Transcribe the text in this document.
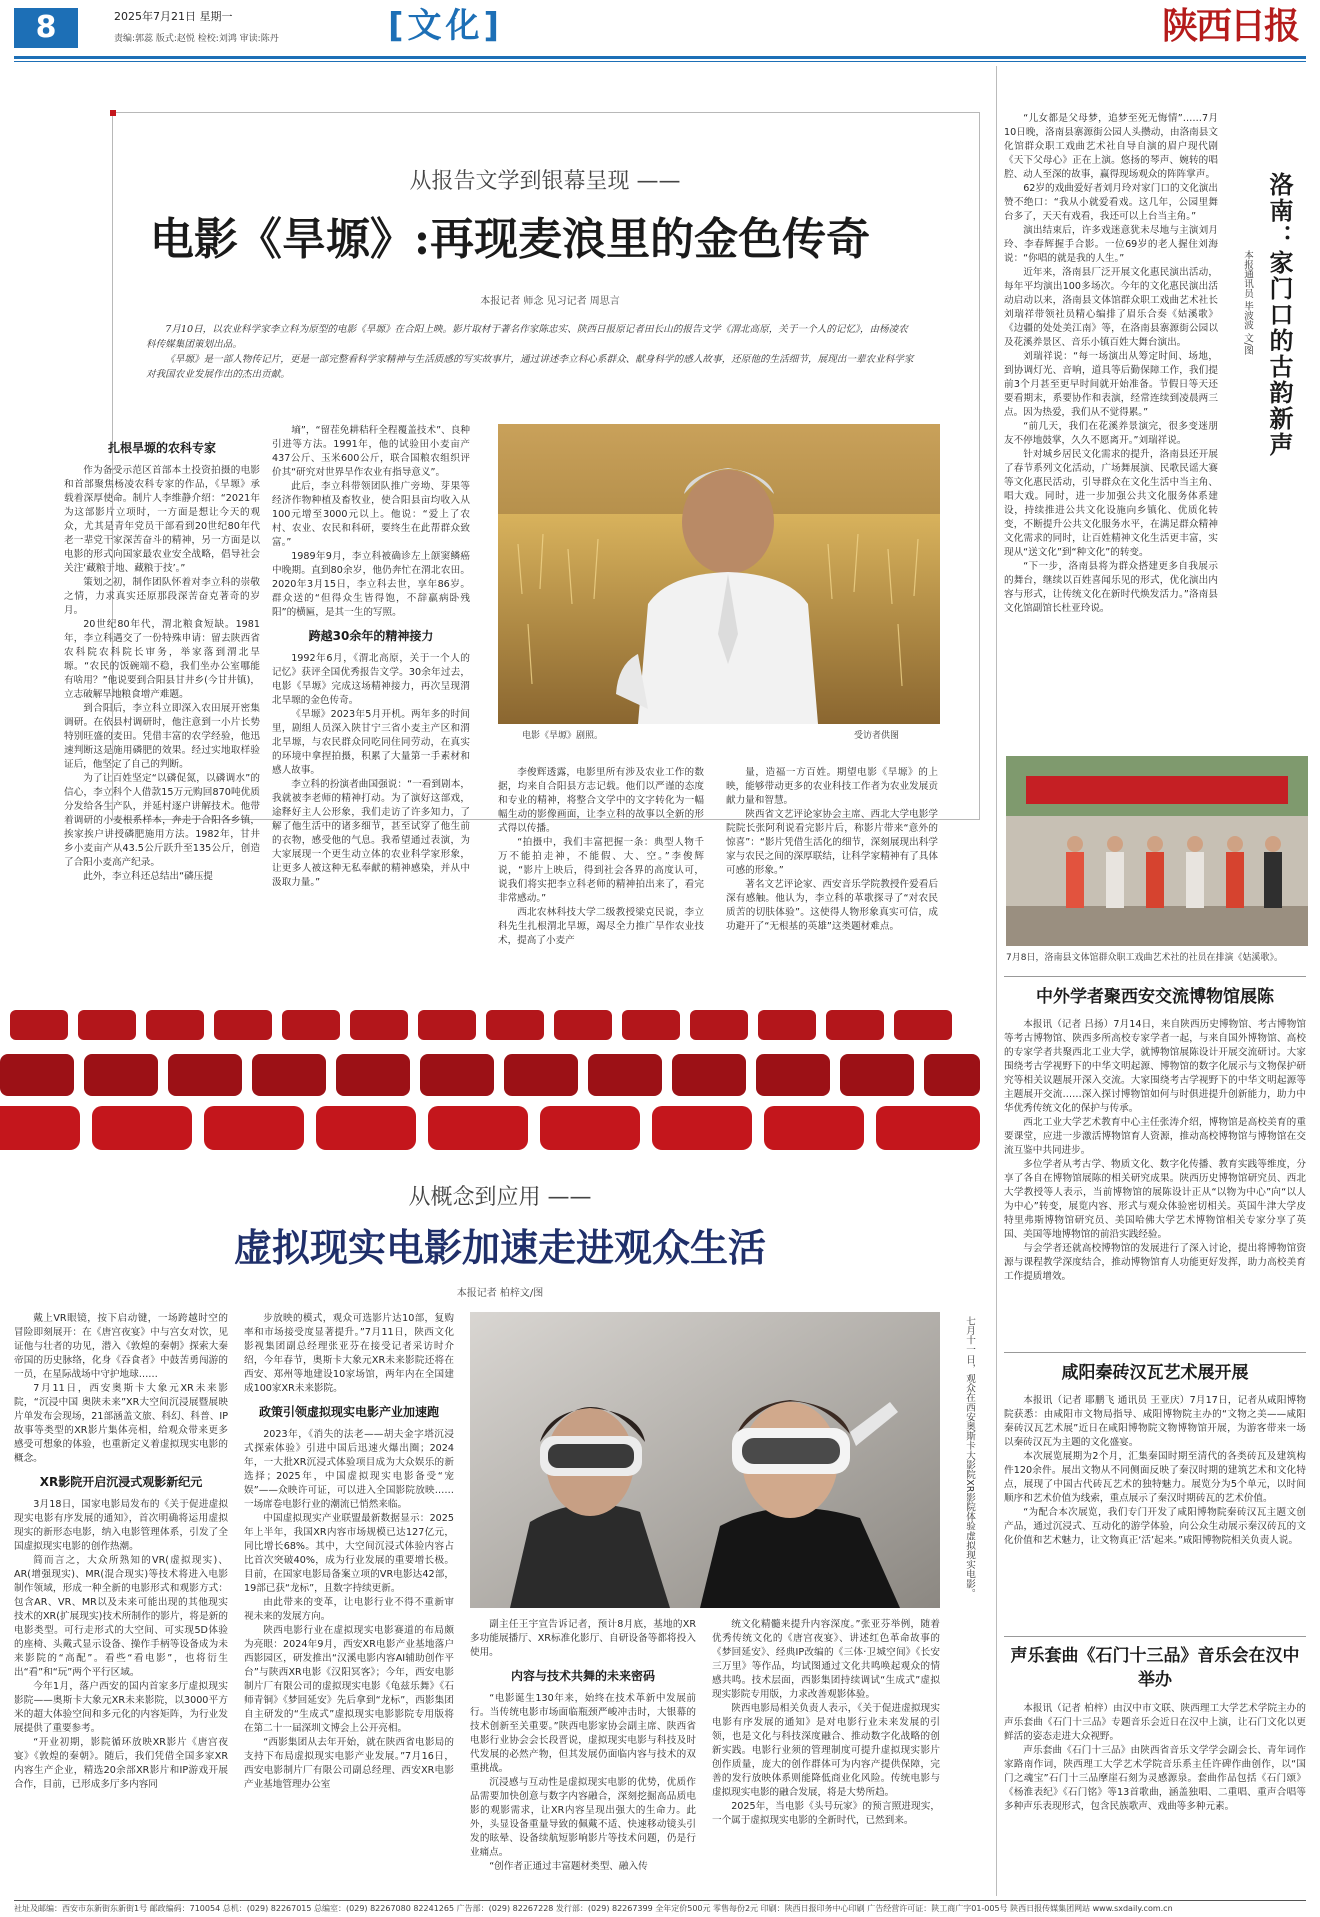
8	2025年7月21日 星期一
责编:郭蕊 版式:赵悦 检校:刘鸿 审读:陈丹	[文化]	陕西日报
从报告文学到银幕呈现 ——
电影《旱塬》:再现麦浪里的金色传奇
本报记者 师念 见习记者 周思言

7月10日，以农业科学家李立科为原型的电影《旱塬》在合阳上映。影片取材于著名作家陈忠实、陕西日报原记者田长山的报告文学《渭北高原，关于一个人的记忆》，由杨凌农科传媒集团策划出品。

《旱塬》是一部人物传记片，更是一部完整看科学家精神与生活质感的写实故事片，通过讲述李立科心系群众、献身科学的感人故事，还原他的生活细节，展现出一辈农业科学家对我国农业发展作出的杰出贡献。

扎根旱塬的农科专家

作为备受示范区首部本土投资拍摄的电影和首部聚焦杨凌农科专家的作品，《旱塬》承载着深厚使命。制片人李维静介绍：“2021年为这部影片立项时，一方面是想让今天的观众，尤其是青年党员干部看到20世纪80年代老一辈党干家深苦奋斗的精神，另一方面是以电影的形式向国家最农业安全战略，倡导社会关注‘藏粮于地、藏粮于技’。”

策划之初，制作团队怀着对李立科的崇敬之情，力求真实还原那段深苦奋克著奇的岁月。

20世纪80年代，渭北粮食短缺。1981年，李立科遇交了一份特殊申请：留去陕西省农科院农科院长审务，举家落到渭北旱塬。“农民的饭碗端不稳，我们坐办公室哪能有啥用？”他说要到合阳县甘井乡(今甘井镇)，立志破解旱地粮食增产难题。

到合阳后，李立科立即深入农田展开密集调研。在依县村调研时，他注意到一小片长势特别旺盛的麦田。凭借丰富的农学经验，他迅速判断这是施用磷肥的效果。经过实地取样验证后，他坚定了自己的判断。

为了让百姓坚定“以磷促氮，以磷调水”的信心，李立科个人借款15万元购回870吨优质分发给各生产队，并延村逐户讲解技术。他带着调研的小麦根系样本，奔走于合阳各乡镇，挨家挨户讲授磷肥施用方法。1982年，甘井乡小麦亩产从43.5公斤跃升至135公斤，创造了合阳小麦高产纪录。

此外，李立科还总结出“磷压提

墒”，“留茬免耕秸秆全程覆盖技术”、良种引进等方法。1991年，他的试验田小麦亩产437公斤、玉米600公斤，联合国粮农组织评价其“研究对世界旱作农业有指导意义”。

此后，李立科带领团队推广旁坳、芽果等经济作物种植及畜牧业，使合阳县亩均收入从100元增至3000元以上。他说：“爱上了农村、农业、农民和科研，要终生在此帮群众致富。”

1989年9月，李立科被确诊左上颌窦鳞癌中晚期。直到80余岁，他仍奔忙在渭北农田。2020年3月15日，李立科去世，享年86岁。群众送的“但得众生皆得饱，不辞羸病卧残阳”的横匾，是其一生的写照。

跨越30余年的精神接力

1992年6月，《渭北高原，关于一个人的记忆》获评全国优秀报告文学。30余年过去，电影《旱塬》完成这场精神接力，再次呈现渭北旱塬的金色传奇。

《旱塬》2023年5月开机。两年多的时间里，剧组人员深入陕甘宁三省小麦主产区和渭北旱塬，与农民群众同吃同住同劳动，在真实的环境中拿捏拍摄，积累了大量第一手素材和感人故事。

李立科的扮演者曲国强说：“一看到剧本，我就被李老师的精神打动。为了演好这部戏，途释好主人公形象，我们走访了许多知力，了解了他生活中的诸多细节，甚至试穿了他生前的衣物，感受他的气息。我希望通过表演，为大家展现一个更生动立体的农业科学家形象，让更多人被这种无私奉献的精神感染，并从中汲取力量。”

电影《旱塬》剧照。	受访者供图

李俊辉透露，电影里所有涉及农业工作的数据，均来自合阳县方志记载。他们以严谨的态度和专业的精神，将整合文学中的文字转化为一幅幅生动的影像画面，让李立科的故事以全新的形式得以传播。

“拍摄中，我们丰富把握一条：典型人物千万不能拍走神，不能假、大、空。”李俊辉说，“影片上映后，得到社会各界的高度认可，说我们将实把李立科老师的精神拍出来了，看完非常感动。”

西北农林科技大学二级教授梁克民说，李立科先生扎根渭北旱塬，竭尽全力推广旱作农业技术，提高了小麦产

量，造福一方百姓。期望电影《旱塬》的上映，能够带动更多的农业科技工作者为农业发展贡献力量和智慧。

陕西省文艺评论家协会主席、西北大学电影学院院长张阿利说看完影片后，称影片带来“意外的惊喜”：“影片凭借生活化的细节，深刻展现出科学家与农民之间的深厚联结，让科学家精神有了具体可感的形象。”

著名文艺评论家、西安音乐学院教授仵爱看后深有感触。他认为，李立科的革歌探寻了“对农民质苦的切肤体验”。这使得人物形象真实可信，成功避开了“无根基的英雄”这类题材难点。

从概念到应用 ——
虚拟现实电影加速走进观众生活
本报记者 柏梓文/图

戴上VR眼镜，按下启动键，一场跨越时空的冒险即刻展开：在《唐宫夜宴》中与宫女对饮，见证他与壮者的功见，潜入《敦煌的秦朝》探索大秦帝国的历史脉络，化身《吞食者》中鼓苦勇闯游的一员，在星际战场中守护地球……

7月11日，西安奥斯卡大象元XR未来影院，“沉浸中国 奥陕未来”XR大空间沉浸展暨展映片单发布会现场，21部涵盖文旅、科幻、科普、IP故事等类型的XR影片集体亮相，给观众带来更多感受可想象的体验，也重新定义着虚拟现实电影的概念。

XR影院开启沉浸式观影新纪元

3月18日，国家电影局发布的《关于促进虚拟现实电影有序发展的通知》，首次明确将运用虚拟现实的新形态电影，纳入电影管理体系，引发了全国虚拟现实电影的创作热潮。

简而言之，大众所熟知的VR(虚拟现实)、AR(增强现实)、MR(混合现实)等技术将进入电影制作领域，形成一种全新的电影形式和观影方式：包含AR、VR、MR以及未来可能出现的其他现实技术的XR(扩展现实)技术所制作的影片，将是新的电影类型。可行走形式的大空间、可实现5D体验的座椅、头戴式显示设备、操作手柄等设备成为未来影院的“高配”。看些“看电影”，也将衍生出“看”和“玩”两个平行区域。

今年1月，落户西安的国内首家多厅虚拟现实影院——奥斯卡大象元XR未来影院，以3000平方米的超大体验空间和多元化的内容矩阵，为行业发展提供了重要参考。

“开业初期，影院循环放映XR影片《唐宫夜宴》《敦煌的秦朝》。随后，我们凭借全国多家XR内容生产企业，精选20余部XR影片和IP游戏开展合作，目前，已形成多厅多内容同

步放映的模式，观众可选影片达10部，复购率和市场接受度显著提升。”7月11日，陕西文化影视集团副总经理张亚芬在接受记者采访时介绍，今年春节，奥斯卡大象元XR未来影院还将在西安、郑州等地建设10家场馆，两年内在全国建成100家XR未来影院。

政策引领虚拟现实电影产业加速跑

2023年，《消失的法老——胡夫金字塔沉浸式探索体验》引进中国后迅速火爆出圈；2024年，一大批XR沉浸式体验项目成为大众娱乐的新选择；2025年，中国虚拟现实电影备受“宠娱”——众映许可证，可以进入全国影院放映……一场席卷电影行业的潮流已悄然来临。

中国虚拟现实产业联盟最新数据显示：2025年上半年，我国XR内容市场规模已达127亿元，同比增长68%。其中，大空间沉浸式体验内容占比首次突破40%，成为行业发展的重要增长极。目前，在国家电影局备案立项的VR电影达42部，19部已获“龙标”，且数字持续更新。

由此带来的变革，让电影行业不得不重新审视未来的发展方向。

陕西电影行业在虚拟现实电影赛道的布局颇为亮眼：2024年9月，西安XR电影产业基地落户西影园区，研发推出“汉溪电影内容AI辅助创作平台”与陕西XR电影《汉阳冥客》；今年，西安电影制片厂有限公司的虚拟现实电影《龟兹乐舞》《石师青铜》《梦回延安》先后拿到“龙标”，西影集团自主研发的“生成式”虚拟现实电影影院专用版将在第二十一届深圳文博会上公开亮相。

“西影集团从去年开始，就在陕西省电影局的支持下布局虚拟现实电影产业发展。”7月16日，西安电影制片厂有限公司副总经理、西安XR电影产业基地管理办公室

七月十一日，观众在西安奥斯卡大影院XR影院体验虚拟现实电影。

副主任王宇宣告诉记者，预计8月底，基地的XR多功能展播厅、XR标准化影厅、自研设备等都将投入使用。

内容与技术共舞的未来密码

“电影诞生130年来，始终在技术革新中发展前行。当传统电影市场面临瓶颈严峻冲击时，大银幕的技术创新至关重要。”陕西电影家协会副主席、陕西省电影行业协会会长段晋说，虚拟现实电影与科技及时代发展的必然产物，但其发展仍面临内容与技术的双重挑战。

沉浸感与互动性是虚拟现实电影的优势，优质作品需要加快创意与数字内容融合，深刻挖掘高品质电影的观影需求，让XR内容呈现出强大的生命力。此外，头显设备重量导致的佩戴不适、快速移动镜头引发的眩晕、设备续航短影响影片等技术问题，仍是行业痛点。

“创作者正通过丰富题材类型、融入传

统文化精髓来提升内容深度。”张亚芬举例，随着优秀传统文化的《唐宫夜宴》、讲述红色革命故事的《梦回延安》、经典IP改编的《三体·卫城空间》《长安三万里》等作品，均试图通过文化共鸣唤起观众的情感共鸣。技术层面，西影集团持续调试“生成式”虚拟现实影院专用版，力求改善观影体验。

陕西电影局相关负责人表示，《关于促进虚拟现实电影有序发展的通知》是对电影行业未来发展的引领，也是文化与科技深度融合、推动数字化战略的创新实践。电影行业须的管理制度可提升虚拟现实影片创作质量，庞大的创作群体可为内容产提供保障，完善的发行放映体系则能降低商业化风险。传统电影与虚拟现实电影的融合发展，将是大势所趋。

2025年，当电影《头号玩家》的预言照进现实，一个属于虚拟现实电影的全新时代，已然到来。

“儿女都是父母梦，追梦至死无悔情”……7月10日晚，洛南县寨源街公园人头攒动，由洛南县文化馆群众职工戏曲艺术社自导自演的眉户现代剧《天下父母心》正在上演。悠扬的琴声、婉转的唱腔、动人至深的故事，赢得现场观众的阵阵掌声。

62岁的戏曲爱好者刘月玲对家门口的文化演出赞不绝口：“我从小就爱看戏。这几年，公园里舞台多了，天天有戏看，我还可以上台当主角。”

演出结束后，许多戏迷意犹未尽地与主演刘月玲、李春辉握手合影。一位69岁的老人握住刘海说：“你唱的就是我的人生。”

近年来，洛南县厂泛开展文化惠民演出活动，每年平均演出100多场次。今年的文化惠民演出活动启动以来，洛南县文体馆群众职工戏曲艺术社长刘瑞祥带领社员精心编排了眉乐合奏《姑溪歌》《边疆的处处美江南》等，在洛南县寨源街公园以及花溪养景区、音乐小镇百姓大舞台演出。

刘瑞祥说：“每一场演出从筹定时间、场地，到协调灯光、音响，道具等后勤保障工作，我们提前3个月甚至更早时间就开始准备。节假日等天还要看期末，系要协作和表演，经常连续到凌晨两三点。因为热爱，我们从不觉得累。”

“前几天，我们在花溪养景演完，很多变迷朋友不停地鼓掌，久久不愿离开。”刘瑞祥说。

针对城乡居民文化需求的提升，洛南县还开展了春节系列文化活动，广场舞展演、民歌民谣大赛等文化惠民活动，引导群众在文化生活中当主角、唱大戏。同时，进一步加强公共文化服务体系建设，持续推进公共文化设施向乡镇化、优质化转变，不断提升公共文化服务水平，在满足群众精神文化需求的同时，让百姓精神文化生活更丰富，实现从“送文化”到“种文化”的转变。

“下一步，洛南县将为群众搭建更多自我展示的舞台，继续以百姓喜闻乐见的形式，优化演出内容与形式，让传统文化在新时代焕发活力。”洛南县文化馆副馆长杜亚玲说。

洛南：家门口的古韵新声
本报通讯员 毕波波 文/图
7月8日，洛南县文体馆群众职工戏曲艺术社的社员在排演《姑溪歌》。
中外学者聚西安交流博物馆展陈

本报讯（记者 吕扬）7月14日，来自陕西历史博物馆、考古博物馆等考古博物馆、陕西多所高校专家学者一起，与来自国外博物馆、高校的专家学者共聚西北工业大学，就博物馆展陈设计开展交流研讨。大家围绕考古学视野下的中华文明起源、博物馆的数字化展示与文物保护研究等相关议题展开深入交流。大家围绕考古学视野下的中华文明起源等主题展开交流……深入探讨博物馆如何与时俱进提升创新能力，助力中华优秀传统文化的保护与传承。

西北工业大学艺术教育中心主任张涛介绍，博物馆是高校美育的重要课堂，应进一步激活博物馆育人资源，推动高校博物馆与博物馆在交流互鉴中共同进步。

多位学者从考古学、物质文化、数字化传播、教育实践等维度，分享了各自在博物馆展陈的相关研究成果。陕西历史博物馆研究员、西北大学教授等人表示，当前博物馆的展陈设计正从“以物为中心”向“以人为中心”转变，展览内容、形式与观众体验密切相关。英国牛津大学皮特里弗斯博物馆研究员、美国哈佛大学艺术博物馆相关专家分享了英国、美国等地博物馆的前沿实践经验。

与会学者还就高校博物馆的发展进行了深入讨论，提出将博物馆资源与课程教学深度结合，推动博物馆育人功能更好发挥，助力高校美育工作提质增效。

咸阳秦砖汉瓦艺术展开展

本报讯（记者 耶鹏飞 通讯员 王亚庆）7月17日，记者从咸阳博物院获悉：由咸阳市文物局指导、咸阳博物院主办的“文物之美——咸阳秦砖汉瓦艺术展”近日在咸阳博物院文物博物馆开展，为游客带来一场以秦砖汉瓦为主题的文化盛宴。

本次展览展期为2个月，汇集秦国时期至清代的各类砖瓦及建筑构件120余件。展出文物从不同侧面反映了秦汉时期的建筑艺术和文化特点，展现了中国古代砖瓦艺术的独特魅力。展览分为5个单元，以时间顺序和艺术价值为线索，重点展示了秦汉时期砖瓦的艺术价值。

“为配合本次展览，我们专门开发了咸阳博物院秦砖汉瓦主题文创产品，通过沉浸式、互动化的游学体验，向公众生动展示秦汉砖瓦的文化价值和艺术魅力，让文物真正‘活’起来。”咸阳博物院相关负责人说。

声乐套曲《石门十三品》音乐会在汉中举办

本报讯（记者 柏梓）由汉中市文联、陕西理工大学艺术学院主办的声乐套曲《石门十三品》专题音乐会近日在汉中上演，让石门文化以更鲜活的姿态走进大众视野。

声乐套曲《石门十三品》由陕西省音乐文学学会副会长、青年词作家路南作词，陕西理工大学艺术学院音乐系主任许碑作曲创作，以“国门之魂宝”石门十三品摩崖石刻为灵感源泉。套曲作品包括《石门颂》《杨淮表纪》《石门铭》等13首歌曲，涵盖独唱、二重唱、重声合唱等多种声乐表现形式，包含民族歌声、戏曲等多种元素。

社址及邮编：西安市东新街东新街1号 邮政编码：710054 总机：(029) 82267015 总编室：(029) 82267080 82241265 广告部：(029) 82267228 发行部：(029) 82267399 全年定价500元 零售每份2元 印刷：陕西日报印务中心印刷 广告经营许可证：陕工商广字01-005号 陕西日报传媒集团网站 www.sxdaily.com.cn
